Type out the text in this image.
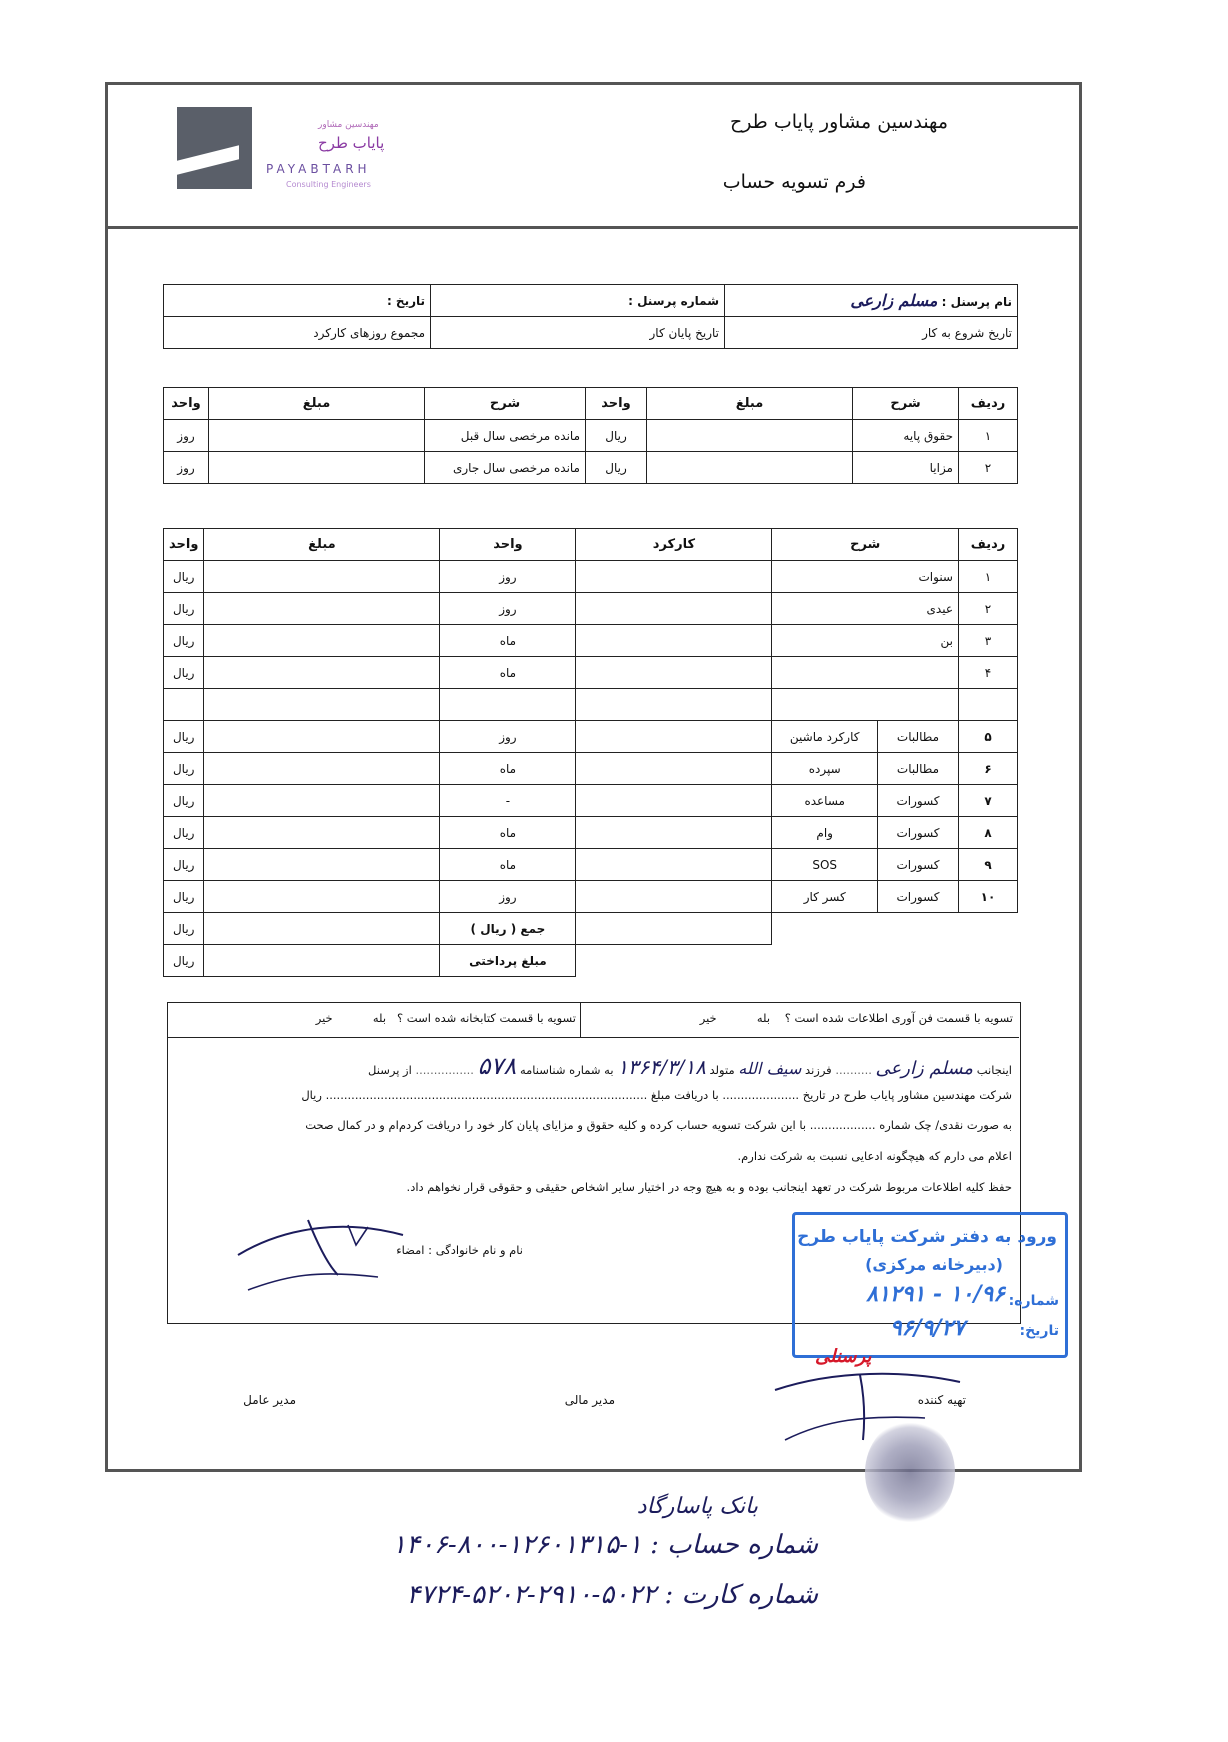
مهندسین مشاور پایاب طرح
فرم تسویه حساب
مهندسین مشاور
پایاب طرح
PAYABTARH
Consulting Engineers
نام پرسنل : مسلم زارعی	شماره پرسنل :	تاریخ :
تاریخ شروع به کار	تاریخ پایان کار	مجموع روزهای کارکرد
ردیف	شرح	مبلغ	واحد	شرح	مبلغ	واحد
۱	حقوق پایه		ریال	مانده مرخصی سال قبل		روز
۲	مزایا		ریال	مانده مرخصی سال جاری		روز
ردیف	شرح		کارکرد	واحد	مبلغ	واحد
۱	سنوات			روز		ریال
۲	عیدی			روز		ریال
۳	بن			ماه		ریال
۴				ماه		ریال

۵	مطالبات	کارکرد ماشین		روز		ریال
۶	مطالبات	سپرده		ماه		ریال
۷	کسورات	مساعده		-		ریال
۸	کسورات	وام		ماه		ریال
۹	کسورات	SOS		ماه		ریال
۱۰	کسورات	کسر کار		روز		ریال
				جمع ( ریال )		ریال
				مبلغ پرداختی		ریال
تسویه با قسمت فن آوری اطلاعات شده است ؟    بله           خیر
تسویه با قسمت کتابخانه شده است ؟   بله           خیر
اینجانب مسلم زارعی .......... فرزند سیف الله متولد ۱۳۶۴/۳/۱۸ به شماره شناسنامه ۵۷۸ ................ از پرسنل
شرکت مهندسین مشاور پایاب طرح در تاریخ ..................... با دریافت مبلغ ........................................................................................ ریال
به صورت نقدی/ چک شماره .................. با این شرکت تسویه حساب کرده و کلیه حقوق و مزایای پایان کار خود را دریافت کردم‌ام و در کمال صحت
اعلام می دارم که هیچگونه ادعایی نسبت به شرکت ندارم.
حفظ کلیه اطلاعات مربوط شرکت در تعهد اینجانب بوده و به هیچ وجه در اختیار سایر اشخاص حقیقی و حقوقی قرار نخواهم داد.
نام و نام خانوادگی : امضاء
ورود به دفتر شرکت پایاب طرح
(دبیرخانه مرکزی)
شماره:
۸۱۲۹۱ - ۱۰/۹۶
تاریخ:
۹۶/۹/۲۷
تهیه کننده
مدیر مالی
مدیر عامل
پرسنلی
بانک پاسارگاد
شماره حساب : ۱-۱۲۶۰۱۳۱۵-۸۰۰-۱۴۰۶
شماره کارت : ۵۰۲۲-۲۹۱۰-۵۲۰۲-۴۷۲۴
